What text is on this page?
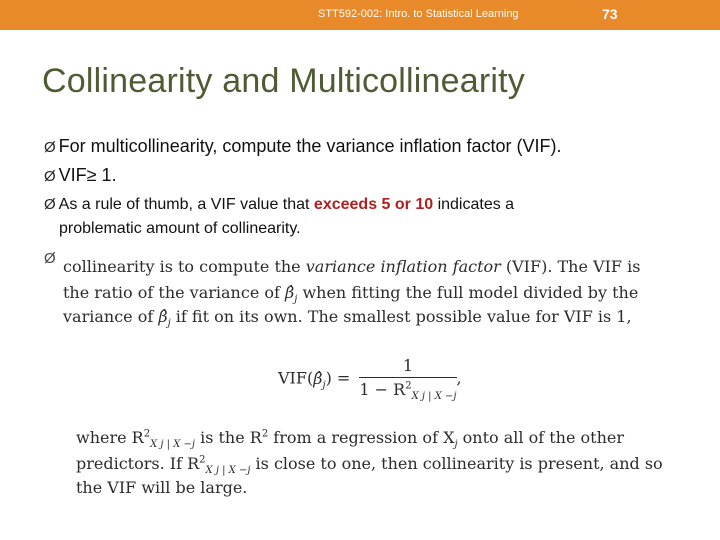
STT592-002: Intro. to Statistical Learning	73
Collinearity and Multicollinearity
Ø For multicollinearity, compute the variance inflation factor (VIF).
Ø VIF≥ 1.
Ø As a rule of thumb, a VIF value that exceeds 5 or 10 indicates a
problematic amount of collinearity.
Ø collinearity is to compute the variance inflation factor (VIF). The VIF is
the ratio of the variance of $\betâ_j$ when fitting the full model divided by the
variance of $\betâ_j$ if fit on its own. The smallest possible value for VIF is 1,
$VIF(\betâ_j) = \frac{1}{1 - R^2_{X j | X -j}}$ ,
where $R^2_{X j | X -j}$ is the $R^2$ from a regression of $X_j$ onto all of the other
predictors. If $R^2_{X j | X -j}$ is close to one, then collinearity is present, and so
the VIF will be large.
